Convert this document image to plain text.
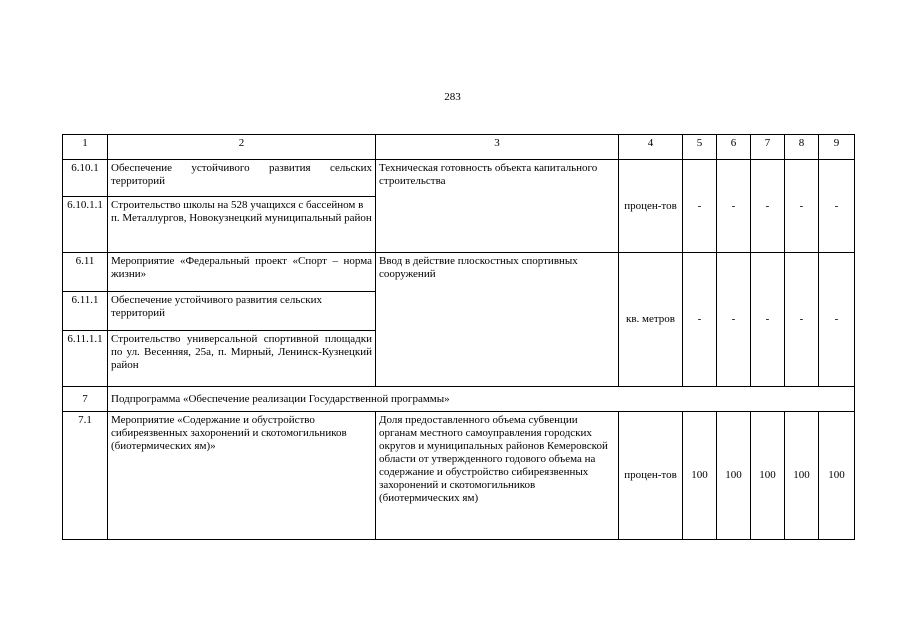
283
1	2	3	4	5	6	7	8	9
6.10.1	Обеспечение устойчивого развития сельских территорий	Техническая готовность объекта капитального строительства	процен-тов	-	-	-	-	-
6.10.1.1	Строительство школы на 528 учащихся с бассейном в п. Металлургов, Новокузнецкий муниципальный район							
6.11	Мероприятие «Федеральный проект «Спорт – норма жизни»	Ввод в действие плоскостных спортивных сооружений	кв. метров	-	-	-	-	-
6.11.1	Обеспечение устойчивого развития сельских территорий							
6.11.1.1	Строительство универсальной спортивной площадки по ул. Весенняя, 25а, п. Мирный, Ленинск-Кузнецкий район							
7	Подпрограмма «Обеспечение реализации Государственной программы»							
7.1	Мероприятие «Содержание и обустройство сибиреязвенных захоронений и скотомогильников (биотермических ям)»	Доля предоставленного объема субвенции органам местного самоуправления городских округов и муниципальных районов Кемеровской области от утвержденного годового объема на содержание и обустройство сибиреязвенных захоронений и скотомогильников (биотермических ям)	процен-тов	100	100	100	100	100
